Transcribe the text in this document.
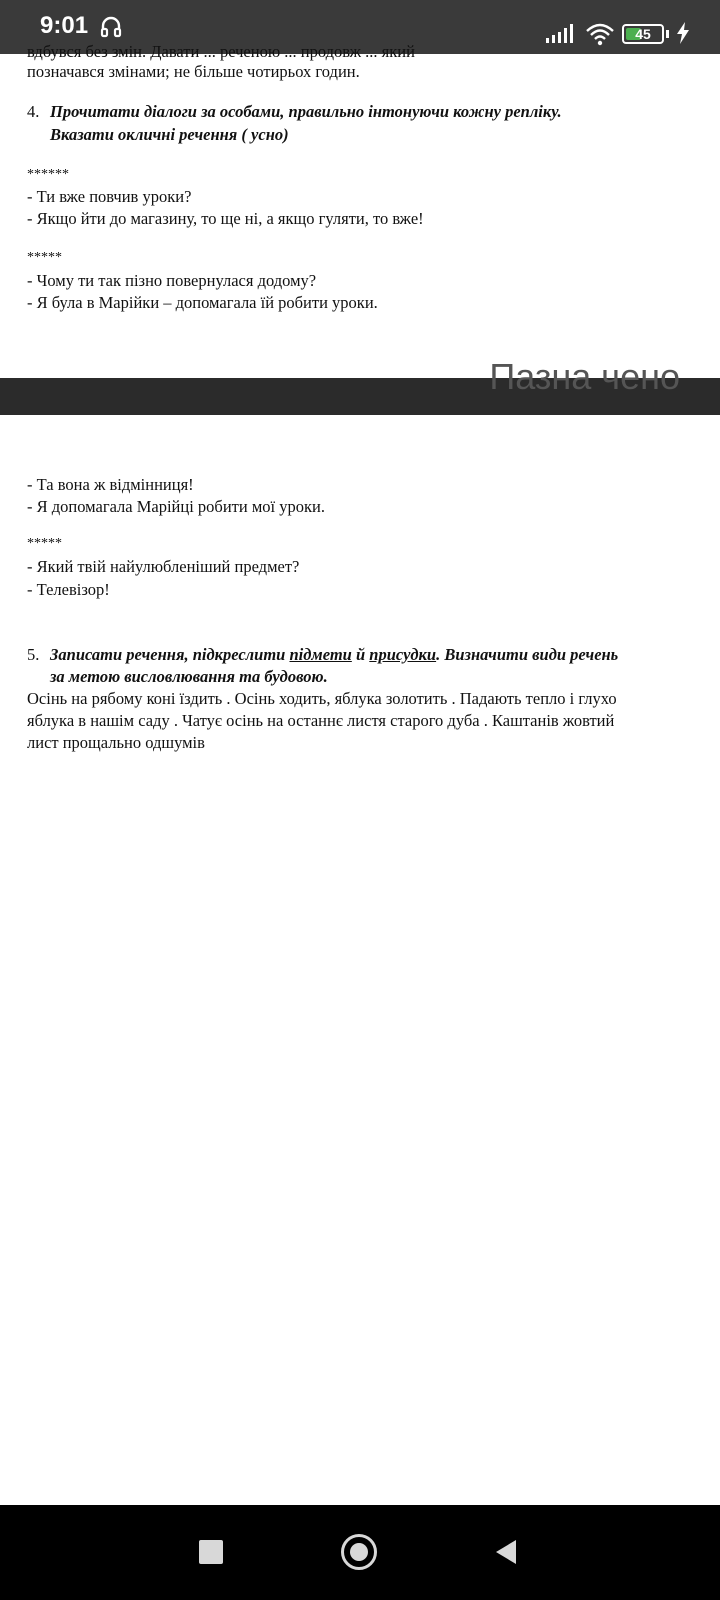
9:01	45
вдбувся без змін. Давати ... реченою ... продовж ... який
позначався змінами; не більше чотирьох годин.
4. Прочитати діалоги за особами, правильно інтонуючи кожну репліку.
Вказати окличні речення ( усно)
******
- Ти вже повчив уроки?
- Якщо йти до магазину, то ще ні, а якщо гуляти, то вже!
*****
- Чому ти так пізно повернулася додому?
- Я була в Марійки – допомагала їй робити уроки.
Пазна чено
- Та вона ж відмінниця!
- Я допомагала Марійці робити мої уроки.
*****
- Який твій найулюбленіший предмет?
- Телевізор!
5. Записати речення, підкреслити підмети й присудки. Визначити види речень
за метою висловлювання та будовою.
Осінь на рябому коні їздить . Осінь ходить, яблука золотить . Падають тепло і глухо
яблука в нашім саду . Чатує осінь на останнє листя старого дуба . Каштанів жовтий
лист прощально одшумів
